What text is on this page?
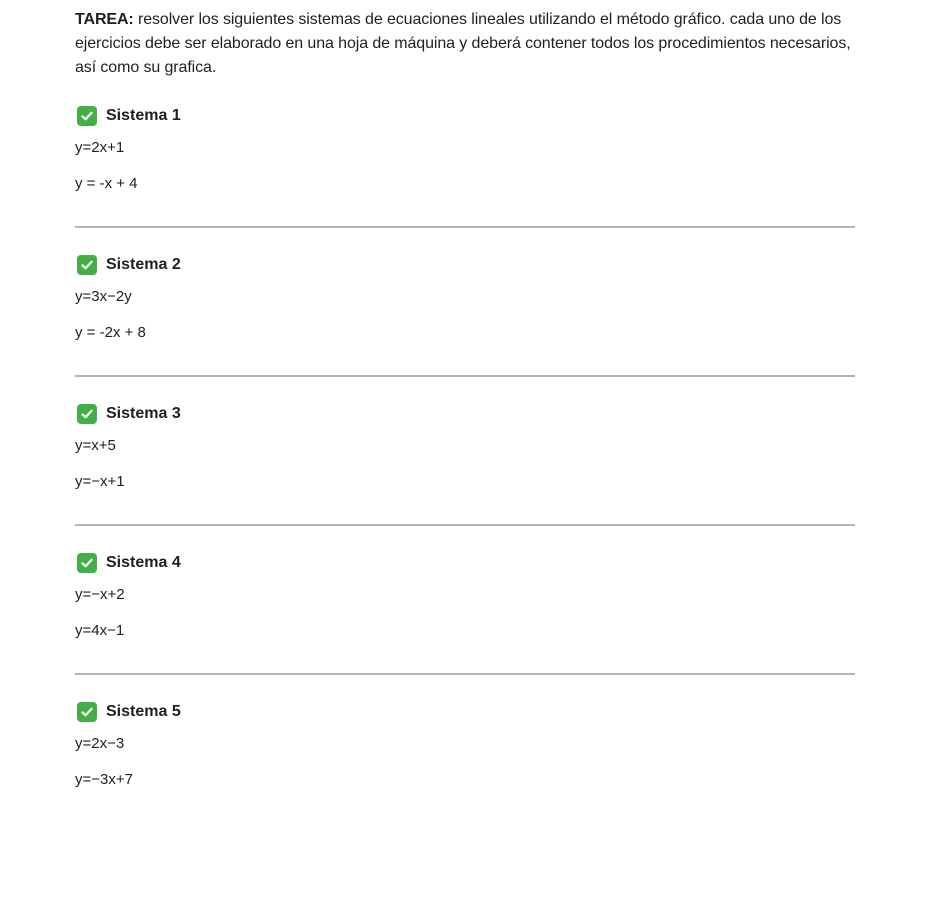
TAREA: resolver los siguientes sistemas de ecuaciones lineales utilizando el método gráfico. cada uno de los ejercicios debe ser elaborado en una hoja de máquina y deberá contener todos los procedimientos necesarios, así como su grafica.

Sistema 1

y=2x+1

y = -x + 4

Sistema 2

y=3x−2y

y = -2x + 8

Sistema 3

y=x+5

y=−x+1

Sistema 4

y=−x+2

y=4x−1

Sistema 5

y=2x−3

y=−3x+7
